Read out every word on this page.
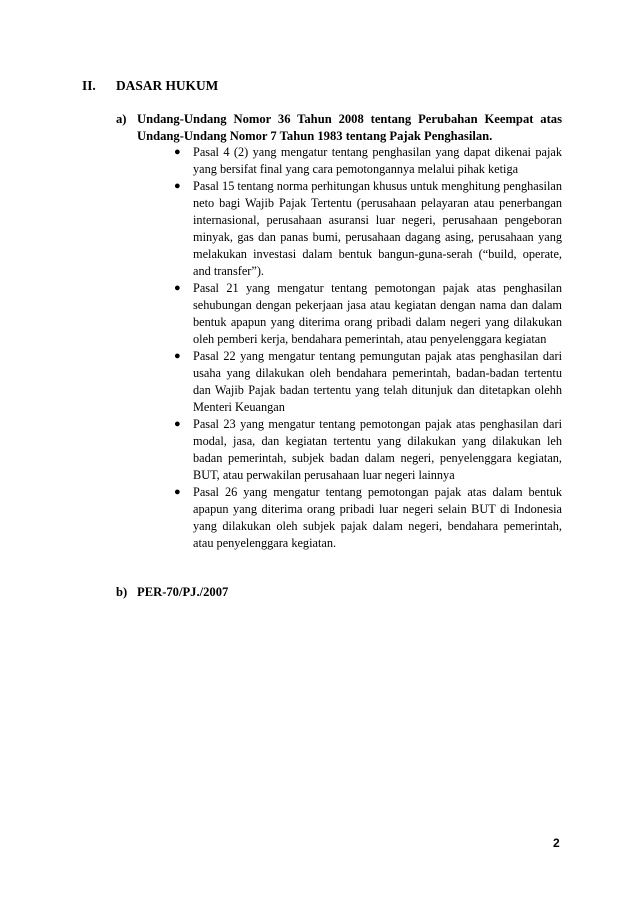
II. DASAR HUKUM
a) Undang-Undang Nomor 36 Tahun 2008 tentang Perubahan Keempat atas Undang-Undang Nomor 7 Tahun 1983 tentang Pajak Penghasilan.
● Pasal 4 (2) yang mengatur tentang penghasilan yang dapat dikenai pajak yang bersifat final yang cara pemotongannya melalui pihak ketiga
● Pasal 15 tentang norma perhitungan khusus untuk menghitung penghasilan neto bagi Wajib Pajak Tertentu (perusahaan pelayaran atau penerbangan internasional, perusahaan asuransi luar negeri, perusahaan pengeboran minyak, gas dan panas bumi, perusahaan dagang asing, perusahaan yang melakukan investasi dalam bentuk bangun-guna-serah (“build, operate, and transfer”).
● Pasal 21 yang mengatur tentang pemotongan pajak atas penghasilan sehubungan dengan pekerjaan jasa atau kegiatan dengan nama dan dalam bentuk apapun yang diterima orang pribadi dalam negeri yang dilakukan oleh pemberi kerja, bendahara pemerintah, atau penyelenggara kegiatan
● Pasal 22 yang mengatur tentang pemungutan pajak atas penghasilan dari usaha yang dilakukan oleh bendahara pemerintah, badan-badan tertentu dan Wajib Pajak badan tertentu yang telah ditunjuk dan ditetapkan olehh Menteri Keuangan
● Pasal 23 yang mengatur tentang pemotongan pajak atas penghasilan dari modal, jasa, dan kegiatan tertentu yang dilakukan yang dilakukan leh badan pemerintah, subjek badan dalam negeri, penyelenggara kegiatan, BUT, atau perwakilan perusahaan luar negeri lainnya
● Pasal 26 yang mengatur tentang pemotongan pajak atas dalam bentuk apapun yang diterima orang pribadi luar negeri selain BUT di Indonesia yang dilakukan oleh subjek pajak dalam negeri, bendahara pemerintah, atau penyelenggara kegiatan.
b) PER-70/PJ./2007
2
